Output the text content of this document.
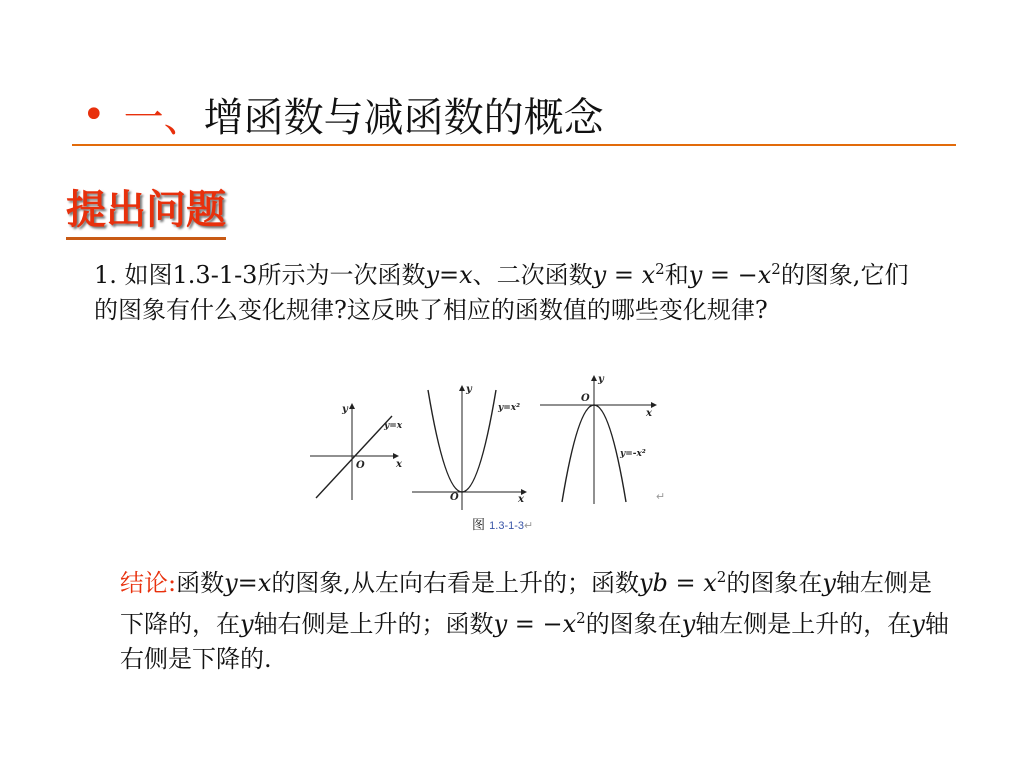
• 一、 增函数与减函数的概念
提出问题
1. 如图1.3-1-3所示为一次函数y=x、二次函数$y = x^2$和$y = -x^2$的图象,它们的图象有什么变化规律?这反映了相应的函数值的哪些变化规律?
y
O	x
y=x
y
O	x
y=x²
y
O
x
y=-x²
↵
图 1.3-1-3↵
结论:函数y=x的图象,从左向右看是上升的；函数yb = $x^2$的图象在y轴左侧是下降的，在y轴右侧是上升的；函数$y = -x^2$的图象在y轴左侧是上升的，在y轴右侧是下降的.
